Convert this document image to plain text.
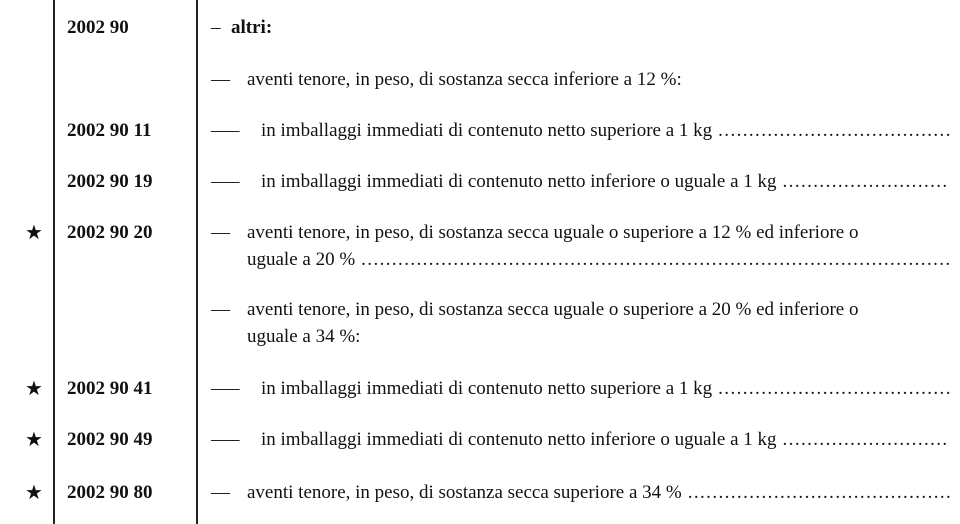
2002 90	– altri:
–– aventi tenore, in peso, di sostanza secca inferiore a 12 %:
2002 90 11	–––	in imballaggi immediati di contenuto netto superiore a 1 kg
.....
2002 90 19	–––	in imballaggi immediati di contenuto netto inferiore o uguale a 1 kg
.....
★ 2002 90 20	–– aventi tenore, in peso, di sostanza secca uguale o superiore a 12 % ed inferiore o
uguale a 20 %
.....
–– aventi tenore, in peso, di sostanza secca uguale o superiore a 20 % ed inferiore o
uguale a 34 %:
★ 2002 90 41	–––	in imballaggi immediati di contenuto netto superiore a 1 kg
.....
★ 2002 90 49	–––	in imballaggi immediati di contenuto netto inferiore o uguale a 1 kg
.....
★ 2002 90 80	–– aventi tenore, in peso, di sostanza secca superiore a 34 %
.....
